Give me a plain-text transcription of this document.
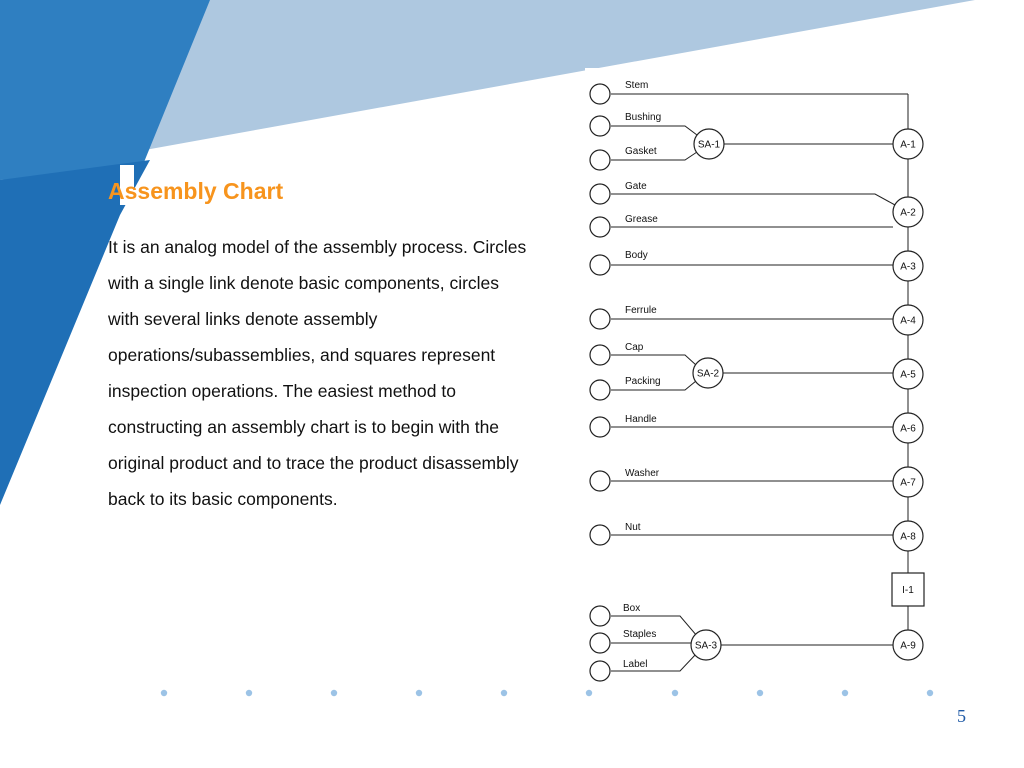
Assembly Chart

It is an analog model of the assembly process. Circles with a single link denote basic components, circles with several links denote assembly operations/subassemblies, and squares represent inspection operations. The easiest method to constructing an assembly chart is to begin with the original product and to trace the product disassembly back to its basic components.

5
Stem
Bushing
Gasket
Gate
Grease
Body
Ferrule
Cap
Packing
Handle
Washer
Nut
Box
Staples
Label
SA-1
SA-2
SA-3
A-1
A-2
A-3
A-4
A-5
A-6
A-7
A-8
A-9
I-1
